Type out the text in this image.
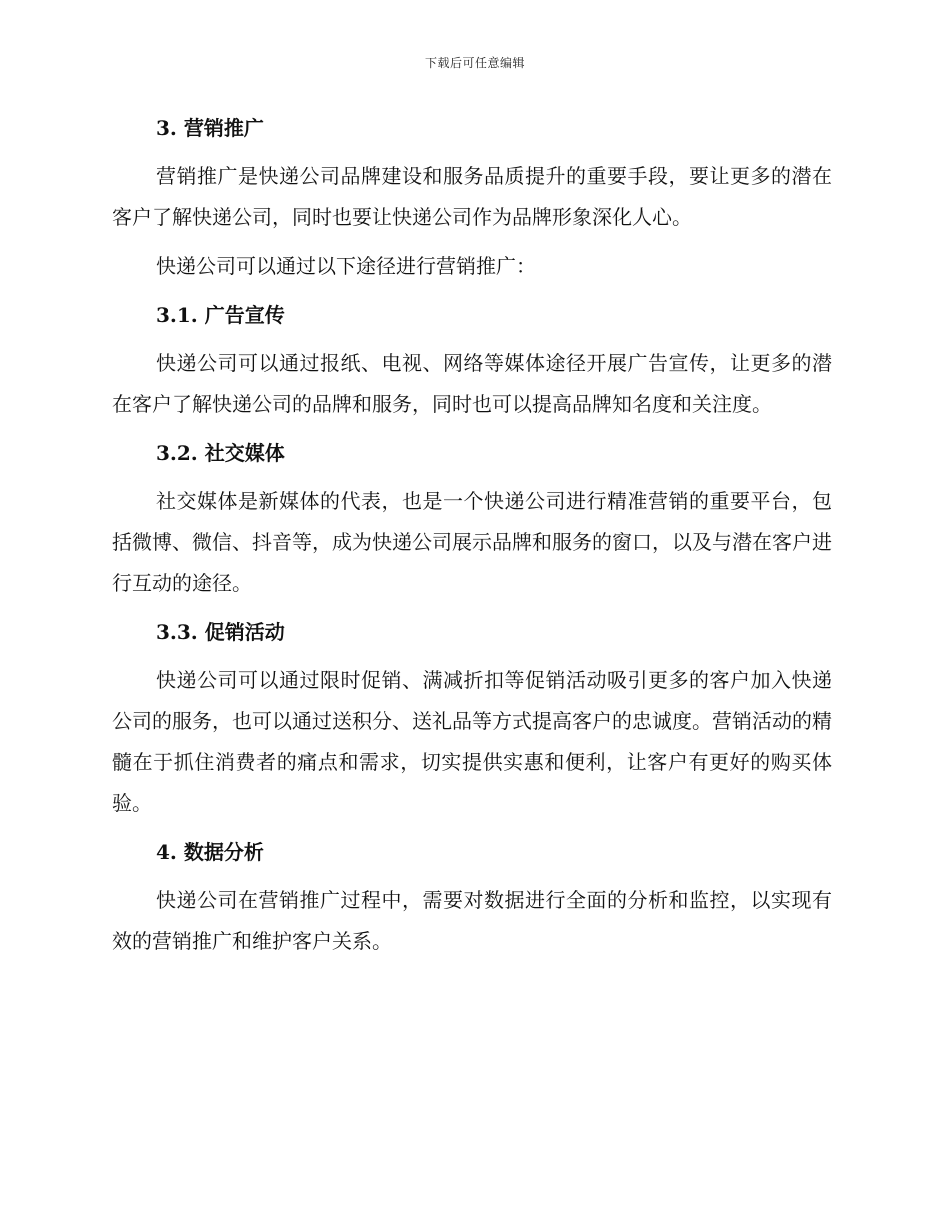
下载后可任意编辑
3. 营销推广
营销推广是快递公司品牌建设和服务品质提升的重要手段，要让更多的潜在客户了解快递公司，同时也要让快递公司作为品牌形象深化人心。
快递公司可以通过以下途径进行营销推广：
3.1. 广告宣传
快递公司可以通过报纸、电视、网络等媒体途径开展广告宣传，让更多的潜在客户了解快递公司的品牌和服务，同时也可以提高品牌知名度和关注度。
3.2. 社交媒体
社交媒体是新媒体的代表，也是一个快递公司进行精准营销的重要平台，包括微博、微信、抖音等，成为快递公司展示品牌和服务的窗口，以及与潜在客户进行互动的途径。
3.3. 促销活动
快递公司可以通过限时促销、满减折扣等促销活动吸引更多的客户加入快递公司的服务，也可以通过送积分、送礼品等方式提高客户的忠诚度。营销活动的精髓在于抓住消费者的痛点和需求，切实提供实惠和便利，让客户有更好的购买体验。
4. 数据分析
快递公司在营销推广过程中，需要对数据进行全面的分析和监控，以实现有效的营销推广和维护客户关系。
